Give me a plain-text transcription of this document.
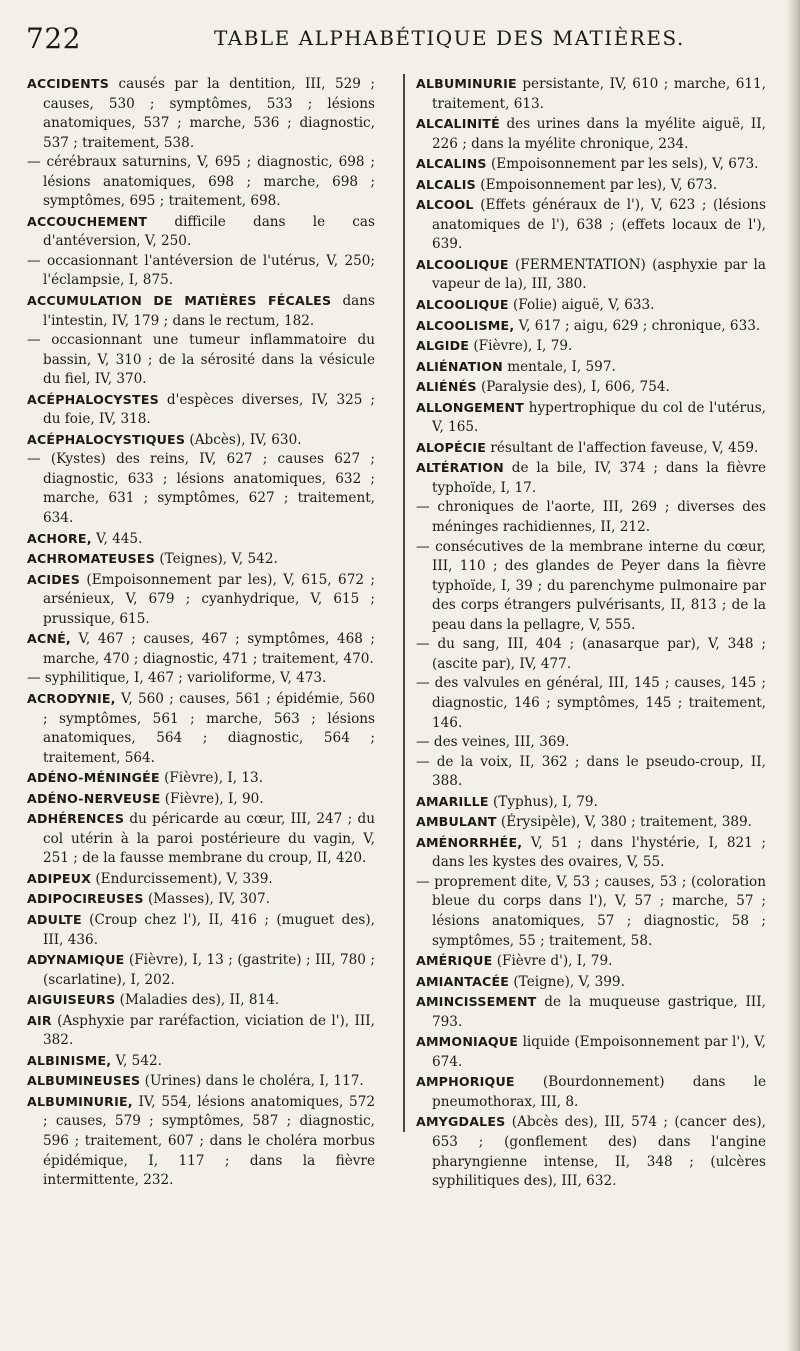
722	TABLE ALPHABÉTIQUE DES MATIÈRES.

ACCIDENTS causés par la dentition, III, 529 ; causes, 530 ; symptômes, 533 ; lésions anatomiques, 537 ; marche, 536 ; diagnostic, 537 ; traitement, 538.

— cérébraux saturnins, V, 695 ; diagnostic, 698 ; lésions anatomiques, 698 ; marche, 698 ; symptômes, 695 ; traitement, 698.

ACCOUCHEMENT difficile dans le cas d'antéversion, V, 250.

— occasionnant l'antéversion de l'utérus, V, 250; l'éclampsie, I, 875.

ACCUMULATION DE MATIÈRES FÉCALES dans l'intestin, IV, 179 ; dans le rectum, 182.

— occasionnant une tumeur inflammatoire du bassin, V, 310 ; de la sérosité dans la vésicule du fiel, IV, 370.

ACÉPHALOCYSTES d'espèces diverses, IV, 325 ; du foie, IV, 318.

ACÉPHALOCYSTIQUES (Abcès), IV, 630.

— (Kystes) des reins, IV, 627 ; causes 627 ; diagnostic, 633 ; lésions anatomiques, 632 ; marche, 631 ; symptômes, 627 ; traitement, 634.

ACHORE, V, 445.

ACHROMATEUSES (Teignes), V, 542.

ACIDES (Empoisonnement par les), V, 615, 672 ; arsénieux, V, 679 ; cyanhydrique, V, 615 ; prussique, 615.

ACNÉ, V, 467 ; causes, 467 ; symptômes, 468 ; marche, 470 ; diagnostic, 471 ; traitement, 470.

— syphilitique, I, 467 ; varioliforme, V, 473.

ACRODYNIE, V, 560 ; causes, 561 ; épidémie, 560 ; symptômes, 561 ; marche, 563 ; lésions anatomiques, 564 ; diagnostic, 564 ; traitement, 564.

ADÉNO-MÉNINGÉE (Fièvre), I, 13.

ADÉNO-NERVEUSE (Fièvre), I, 90.

ADHÉRENCES du péricarde au cœur, III, 247 ; du col utérin à la paroi postérieure du vagin, V, 251 ; de la fausse membrane du croup, II, 420.

ADIPEUX (Endurcissement), V, 339.

ADIPOCIREUSES (Masses), IV, 307.

ADULTE (Croup chez l'), II, 416 ; (muguet des), III, 436.

ADYNAMIQUE (Fièvre), I, 13 ; (gastrite) ; III, 780 ; (scarlatine), I, 202.

AIGUISEURS (Maladies des), II, 814.

AIR (Asphyxie par raréfaction, viciation de l'), III, 382.

ALBINISME, V, 542.

ALBUMINEUSES (Urines) dans le choléra, I, 117.

ALBUMINURIE, IV, 554, lésions anatomiques, 572 ; causes, 579 ; symptômes, 587 ; diagnostic, 596 ; traitement, 607 ; dans le choléra morbus épidémique, I, 117 ; dans la fièvre intermittente, 232.

ALBUMINURIE persistante, IV, 610 ; marche, 611, traitement, 613.

ALCALINITÉ des urines dans la myélite aiguë, II, 226 ; dans la myélite chronique, 234.

ALCALINS (Empoisonnement par les sels), V, 673.

ALCALIS (Empoisonnement par les), V, 673.

ALCOOL (Effets généraux de l'), V, 623 ; (lésions anatomiques de l'), 638 ; (effets locaux de l'), 639.

ALCOOLIQUE (FERMENTATION) (asphyxie par la vapeur de la), III, 380.

ALCOOLIQUE (Folie) aiguë, V, 633.

ALCOOLISME, V, 617 ; aigu, 629 ; chronique, 633.

ALGIDE (Fièvre), I, 79.

ALIÉNATION mentale, I, 597.

ALIÉNÉS (Paralysie des), I, 606, 754.

ALLONGEMENT hypertrophique du col de l'utérus, V, 165.

ALOPÉCIE résultant de l'affection faveuse, V, 459.

ALTÉRATION de la bile, IV, 374 ; dans la fièvre typhoïde, I, 17.

— chroniques de l'aorte, III, 269 ; diverses des méninges rachidiennes, II, 212.

— consécutives de la membrane interne du cœur, III, 110 ; des glandes de Peyer dans la fièvre typhoïde, I, 39 ; du parenchyme pulmonaire par des corps étrangers pulvérisants, II, 813 ; de la peau dans la pellagre, V, 555.

— du sang, III, 404 ; (anasarque par), V, 348 ; (ascite par), IV, 477.

— des valvules en général, III, 145 ; causes, 145 ; diagnostic, 146 ; symptômes, 145 ; traitement, 146.

— des veines, III, 369.

— de la voix, II, 362 ; dans le pseudo-croup, II, 388.

AMARILLE (Typhus), I, 79.

AMBULANT (Érysipèle), V, 380 ; traitement, 389.

AMÉNORRHÉE, V, 51 ; dans l'hystérie, I, 821 ; dans les kystes des ovaires, V, 55.

— proprement dite, V, 53 ; causes, 53 ; (coloration bleue du corps dans l'), V, 57 ; marche, 57 ; lésions anatomiques, 57 ; diagnostic, 58 ; symptômes, 55 ; traitement, 58.

AMÉRIQUE (Fièvre d'), I, 79.

AMIANTACÉE (Teigne), V, 399.

AMINCISSEMENT de la muqueuse gastrique, III, 793.

AMMONIAQUE liquide (Empoisonnement par l'), V, 674.

AMPHORIQUE (Bourdonnement) dans le pneumothorax, III, 8.

AMYGDALES (Abcès des), III, 574 ; (cancer des), 653 ; (gonflement des) dans l'angine pharyngienne intense, II, 348 ; (ulcères syphilitiques des), III, 632.
